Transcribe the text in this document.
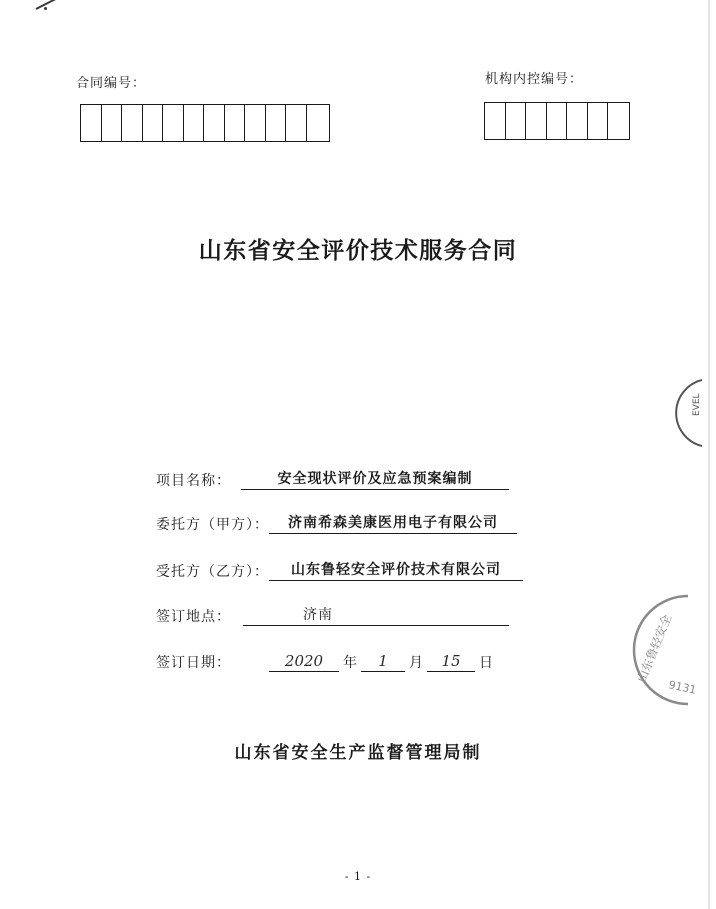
合同编号：	机构内控编号：
山东省安全评价技术服务合同
项目名称：	安全现状评价及应急预案编制
委托方（甲方）：	济南希森美康医用电子有限公司
受托方（乙方）：	山东鲁轻安全评价技术有限公司
签订地点：	济南
签订日期：	2020	年	1	月	15	日
EVEL
山东鲁轻安全
9131
山东省安全生产监督管理局制
- 1 -
